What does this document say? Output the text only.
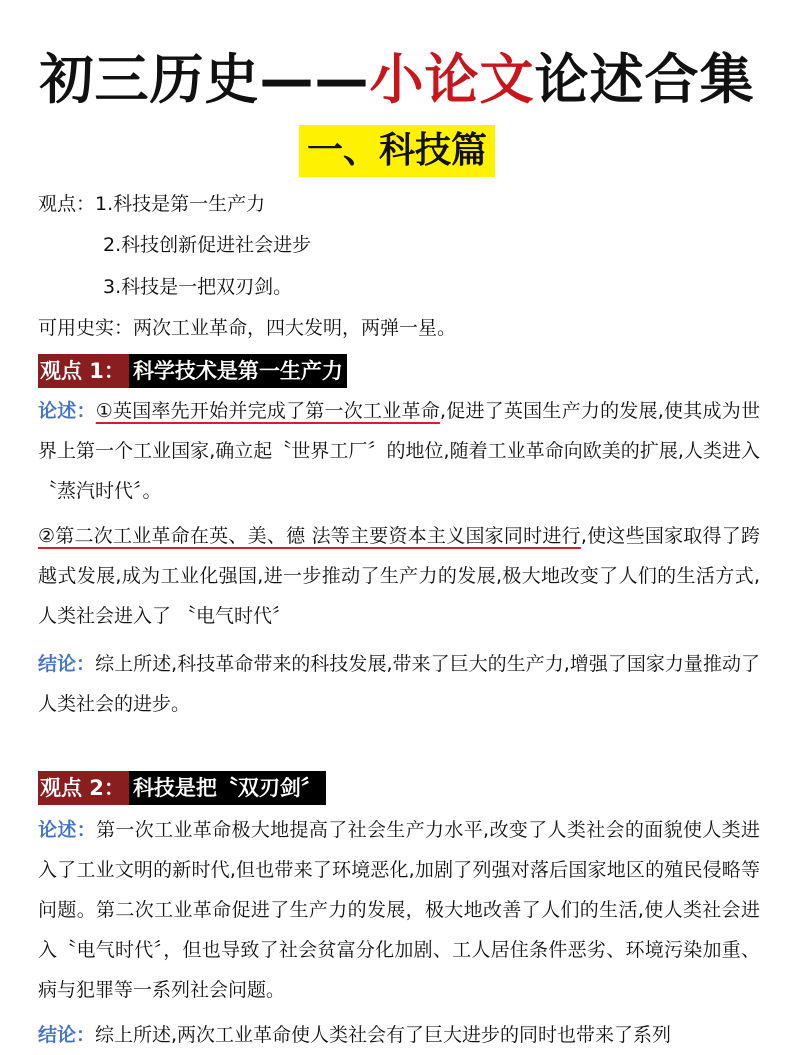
初三历史——小论文论述合集
一、科技篇
观点：1.科技是第一生产力
2.科技创新促进社会进步
3.科技是一把双刃剑。
可用史实：两次工业革命，四大发明，两弹一星。
观点 1： 科学技术是第一生产力
论述：①英国率先开始并完成了第一次工业革命,促进了英国生产力的发展,使其成为世界上第一个工业国家,确立起〝世界工厂〞的地位,随着工业革命向欧美的扩展,人类进入〝蒸汽时代〞。
②第二次工业革命在英、美、德 法等主要资本主义国家同时进行,使这些国家取得了跨越式发展,成为工业化强国,进一步推动了生产力的发展,极大地改变了人们的生活方式,人类社会进入了 〝电气时代〞
结论：综上所述,科技革命带来的科技发展,带来了巨大的生产力,增强了国家力量推动了人类社会的进步。
观点 2： 科技是把〝双刃剑〞
论述：第一次工业革命极大地提高了社会生产力水平,改变了人类社会的面貌使人类进入了工业文明的新时代,但也带来了环境恶化,加剧了列强对落后国家地区的殖民侵略等问题。第二次工业革命促进了生产力的发展，极大地改善了人们的生活,使人类社会进入〝电气时代〞，但也导致了社会贫富分化加剧、工人居住条件恶劣、环境污染加重、病与犯罪等一系列社会问题。
结论：综上所述,两次工业革命使人类社会有了巨大进步的同时也带来了系列
